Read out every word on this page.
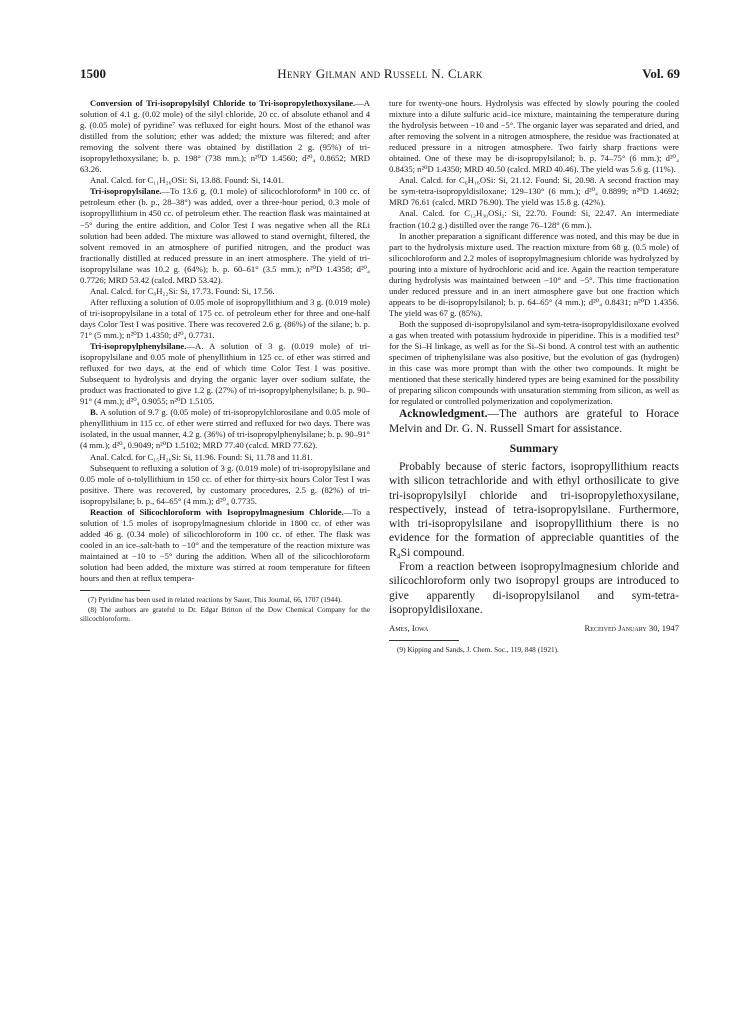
1500	Henry Gilman and Russell N. Clark	Vol. 69

Conversion of Tri-isopropylsilyl Chloride to Tri-isopropylethoxysilane.—A solution of 4.1 g. (0.02 mole) of the silyl chloride, 20 cc. of absolute ethanol and 4 g. (0.05 mole) of pyridine⁷ was refluxed for eight hours. Most of the ethanol was distilled from the solution; ether was added; the mixture was filtered; and after removing the solvent there was obtained by distillation 2 g. (95%) of tri-isopropylethoxysilane; b. p. 198° (738 mm.); n²⁰D 1.4560; d²⁰₄ 0.8652; MRD 63.26.

Anal. Calcd. for C₁₁H₂₆OSi: Si, 13.88. Found: Si, 14.01.

Tri-isopropylsilane.—To 13.6 g. (0.1 mole) of silicochloroform⁸ in 100 cc. of petroleum ether (b. p., 28–38°) was added, over a three-hour period, 0.3 mole of isopropyllithium in 450 cc. of petroleum ether. The reaction flask was maintained at −5° during the entire addition, and Color Test I was negative when all the RLi solution had been added. The mixture was allowed to stand overnight, filtered, the solvent removed in an atmosphere of purified nitrogen, and the product was fractionally distilled at reduced pressure in an inert atmosphere. The yield of tri-isopropylsilane was 10.2 g. (64%); b. p. 60–61° (3.5 mm.); n²⁰D 1.4358; d²⁰₄ 0.7726; MRD 53.42 (calcd. MRD 53.42).

Anal. Calcd. for C₉H₂₂Si: Si, 17.73. Found: Si, 17.56.

After refluxing a solution of 0.05 mole of isopropyllithium and 3 g. (0.019 mole) of tri-isopropylsilane in a total of 175 cc. of petroleum ether for three and one-half days Color Test I was positive. There was recovered 2.6 g. (86%) of the silane; b. p. 71° (5 mm.); n²⁰D 1.4350; d²⁰₄ 0.7731.

Tri-isopropylphenylsilane.—A. A solution of 3 g. (0.019 mole) of tri-isopropylsilane and 0.05 mole of phenyllithium in 125 cc. of ether was stirred and refluxed for two days, at the end of which time Color Test I was positive. Subsequent to hydrolysis and drying the organic layer over sodium sulfate, the product was fractionated to give 1.2 g. (27%) of tri-isopropylphenylsilane; b. p. 90–91° (4 mm.); d²⁰₄ 0.9055; n²⁰D 1.5105.

B. A solution of 9.7 g. (0.05 mole) of tri-isopropylchlorosilane and 0.05 mole of phenyllithium in 115 cc. of ether were stirred and refluxed for two days. There was isolated, in the usual manner, 4.2 g. (36%) of tri-isopropylphenylsilane; b. p. 90–91° (4 mm.); d²⁰₄ 0.9049; n²⁰D 1.5102; MRD 77.40 (calcd. MRD 77.62).

Anal. Calcd. for C₁₅H₂₆Si: Si, 11.96. Found: Si, 11.78 and 11.81.

Subsequent to refluxing a solution of 3 g. (0.019 mole) of tri-isopropylsilane and 0.05 mole of o-tolyllithium in 150 cc. of ether for thirty-six hours Color Test I was positive. There was recovered, by customary procedures, 2.5 g. (82%) of tri-isopropylsilane; b. p., 64–65° (4 mm.); d²⁰₄ 0.7735.

Reaction of Silicochloroform with Isopropylmagnesium Chloride.—To a solution of 1.5 moles of isopropylmagnesium chloride in 1800 cc. of ether was added 46 g. (0.34 mole) of silicochloroform in 100 cc. of ether. The flask was cooled in an ice–salt-bath to −10° and the temperature of the reaction mixture was maintained at −10 to −5° during the addition. When all of the silicochloroform solution had been added, the mixture was stirred at room temperature for fifteen hours and then at reflux tempera-

(7) Pyridine has been used in related reactions by Sauer, This Journal, 66, 1707 (1944).

(8) The authors are grateful to Dr. Edgar Britton of the Dow Chemical Company for the silicochloroform.

ture for twenty-one hours. Hydrolysis was effected by slowly pouring the cooled mixture into a dilute sulfuric acid–ice mixture, maintaining the temperature during the hydrolysis between −10 and −5°. The organic layer was separated and dried, and after removing the solvent in a nitrogen atmosphere, the residue was fractionated at reduced pressure in a nitrogen atmosphere. Two fairly sharp fractions were obtained. One of these may be di-isopropylsilanol; b. p. 74–75° (6 mm.); d²⁰₄ 0.8435; n²⁰D 1.4350; MRD 40.50 (calcd. MRD 40.46). The yield was 5.6 g. (11%).

Anal. Calcd. for C₆H₁₆OSi: Si, 21.12. Found: Si, 20.98. A second fraction may be sym-tetra-isopropyldisiloxane; 129–130° (6 mm.); d²⁰₄ 0.8899; n²⁰D 1.4692; MRD 76.61 (calcd. MRD 76.90). The yield was 15.8 g. (42%).

Anal. Calcd. for C₁₂H₃₀OSi₂: Si, 22.70. Found: Si, 22.47. An intermediate fraction (10.2 g.) distilled over the range 76–128° (6 mm.).

In another preparation a significant difference was noted, and this may be due in part to the hydrolysis mixture used. The reaction mixture from 68 g. (0.5 mole) of silicochloroform and 2.2 moles of isopropylmagnesium chloride was hydrolyzed by pouring into a mixture of hydrochloric acid and ice. Again the reaction temperature during hydrolysis was maintained between −10° and −5°. This time fractionation under reduced pressure and in an inert atmosphere gave but one fraction which appears to be di-isopropylsilanol; b. p. 64–65° (4 mm.); d²⁰₄ 0.8431; n²⁰D 1.4356. The yield was 67 g. (85%).

Both the supposed di-isopropylsilanol and sym-tetra-isopropyldisiloxane evolved a gas when treated with potassium hydroxide in piperidine. This is a modified test⁹ for the Si–H linkage, as well as for the Si–Si bond. A control test with an authentic specimen of triphenylsilane was also positive, but the evolution of gas (hydrogen) in this case was more prompt than with the other two compounds. It might be mentioned that these sterically hindered types are being examined for the possibility of preparing silicon compounds with unsaturation stemming from silicon, as well as for regulated or controlled polymerization and copolymerization.

Acknowledgment.—The authors are grateful to Horace Melvin and Dr. G. N. Russell Smart for assistance.

Summary

Probably because of steric factors, isopropyllithium reacts with silicon tetrachloride and with ethyl orthosilicate to give tri-isopropylsilyl chloride and tri-isopropylethoxysilane, respectively, instead of tetra-isopropylsilane. Furthermore, with tri-isopropylsilane and isopropyllithium there is no evidence for the formation of appreciable quantities of the R₄Si compound.

From a reaction between isopropylmagnesium chloride and silicochloroform only two isopropyl groups are introduced to give apparently di-isopropylsilanol and sym-tetra-isopropyldisiloxane.

Ames, Iowa	Received January 30, 1947

(9) Kipping and Sands, J. Chem. Soc., 119, 848 (1921).
